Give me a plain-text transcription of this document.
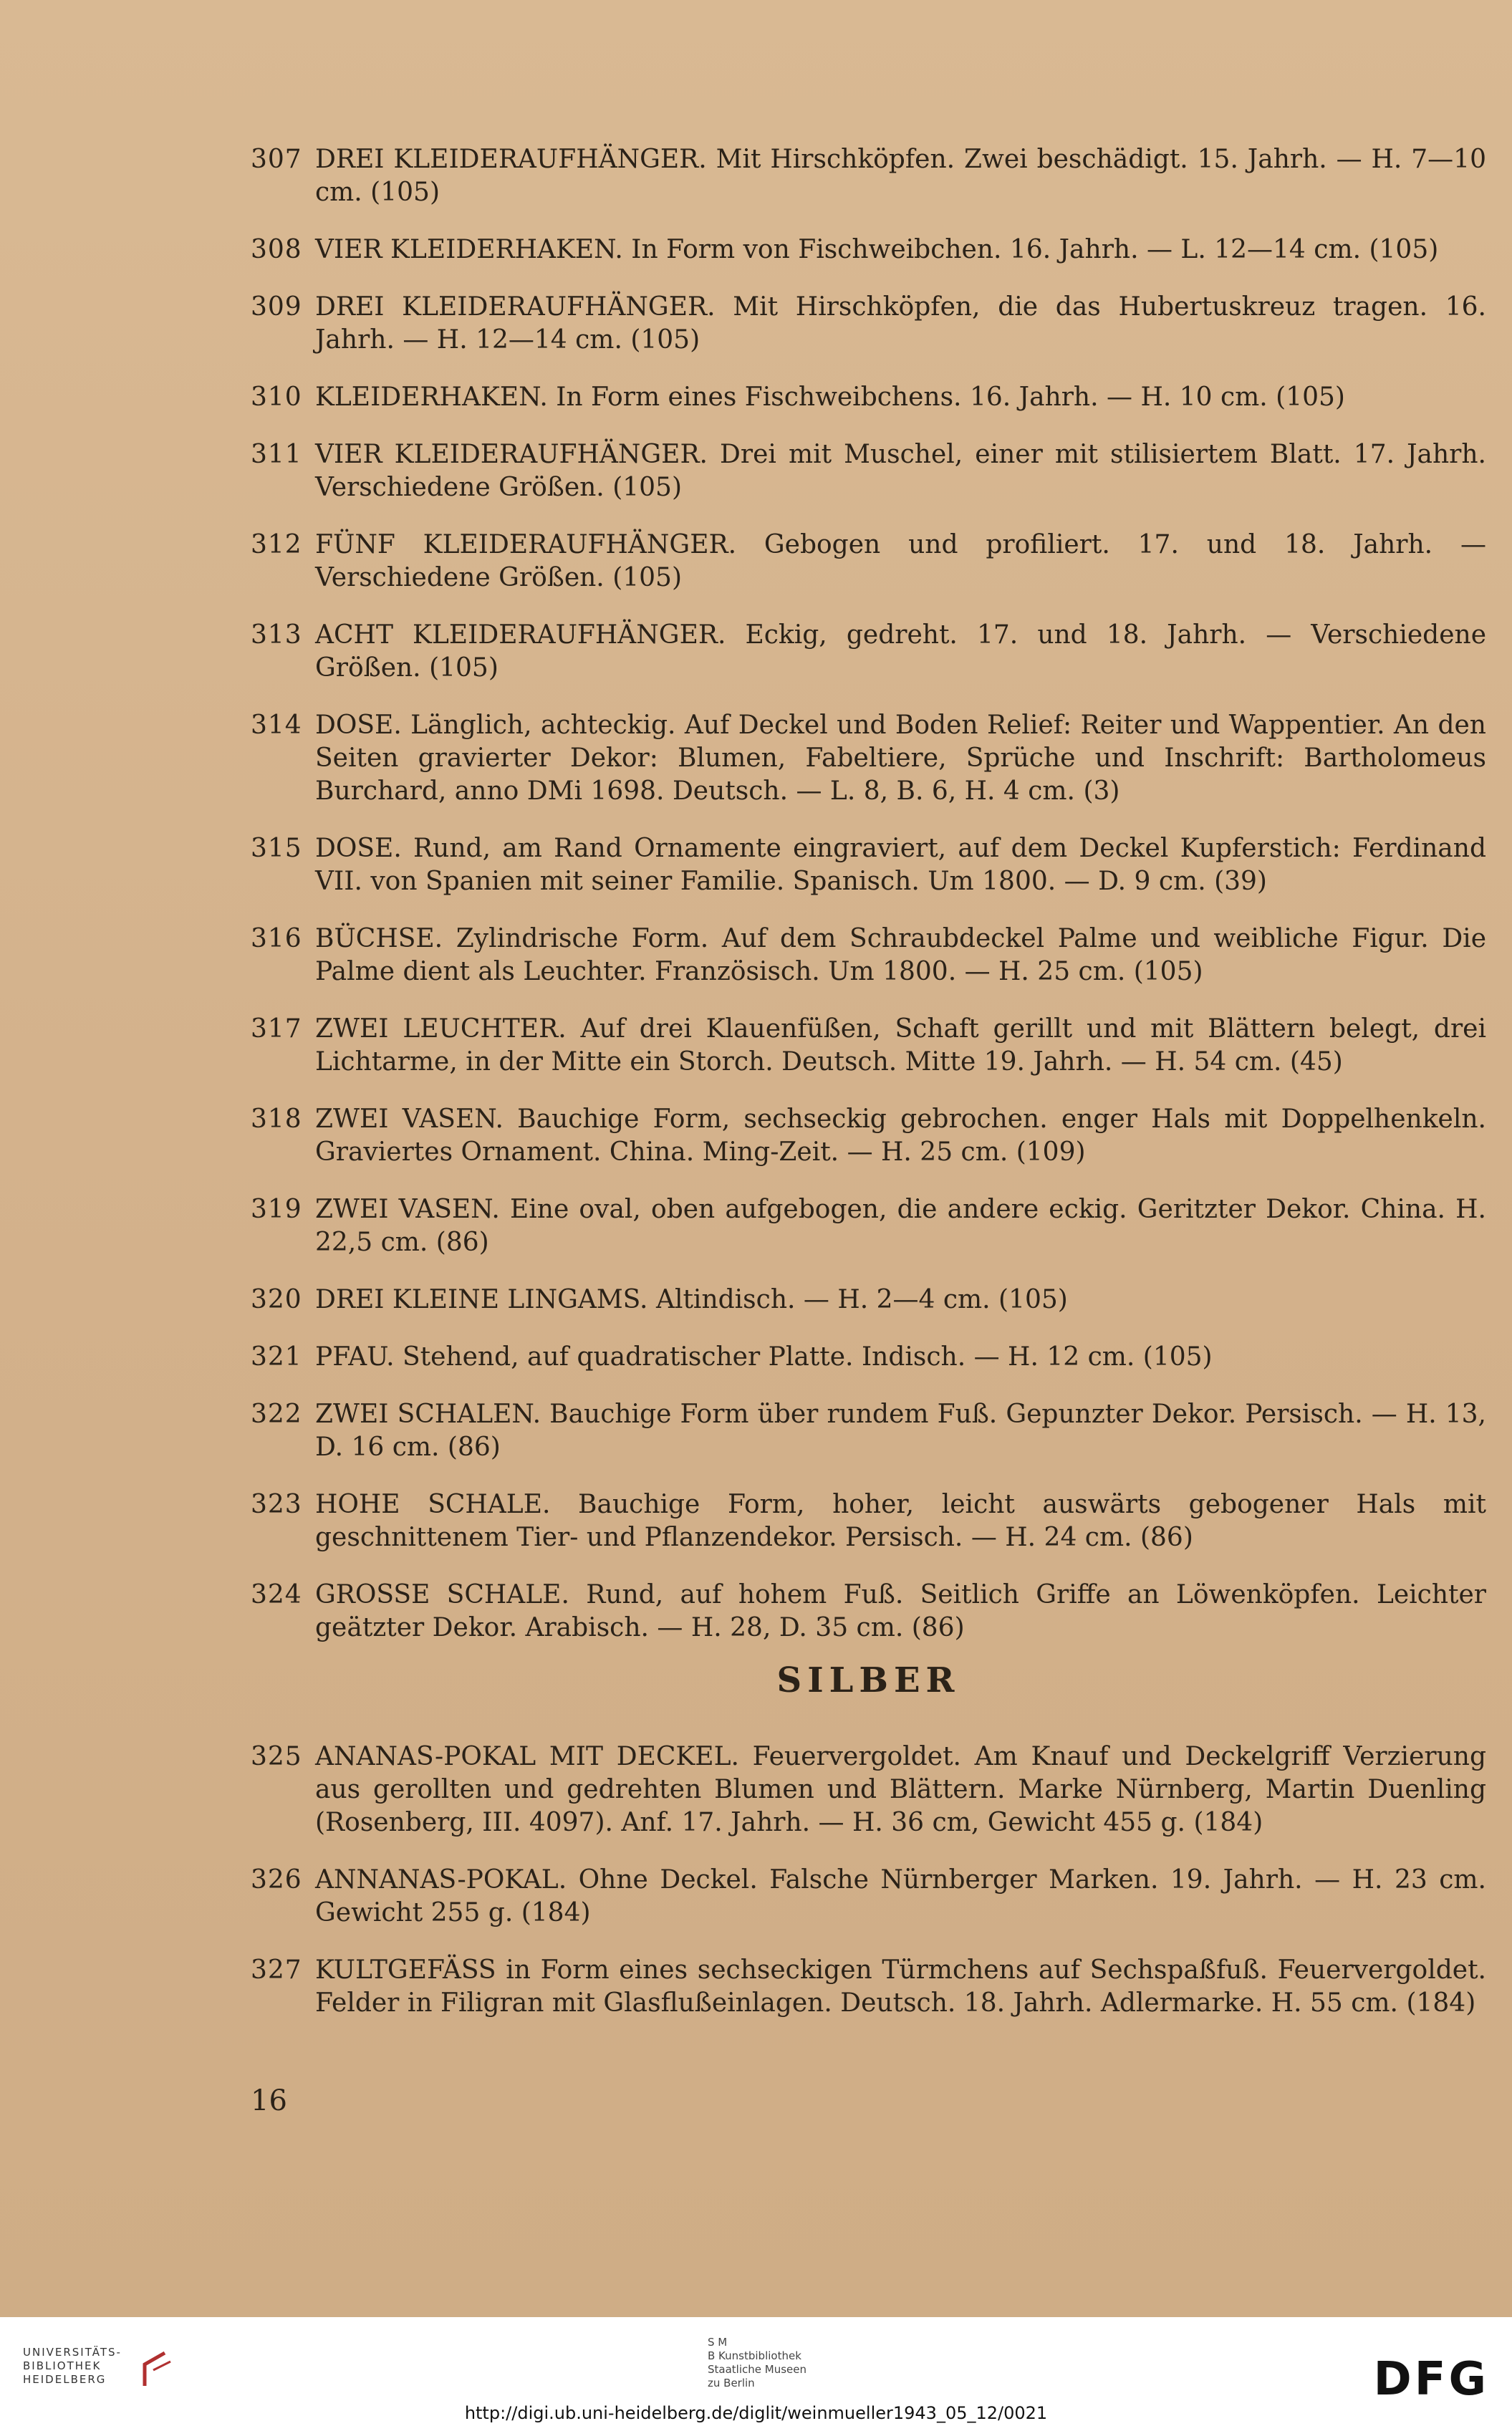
307 DREI KLEIDERAUFHÄNGER. Mit Hirschköpfen. Zwei beschädigt. 15. Jahrh. — H. 7—10 cm. (105)
308 VIER KLEIDERHAKEN. In Form von Fischweibchen. 16. Jahrh. — L. 12—14 cm. (105)
309 DREI KLEIDERAUFHÄNGER. Mit Hirschköpfen, die das Hubertuskreuz tragen. 16. Jahrh. — H. 12—14 cm. (105)
310 KLEIDERHAKEN. In Form eines Fischweibchens. 16. Jahrh. — H. 10 cm. (105)
311 VIER KLEIDERAUFHÄNGER. Drei mit Muschel, einer mit stilisiertem Blatt. 17. Jahrh. Verschiedene Größen. (105)
312 FÜNF KLEIDERAUFHÄNGER. Gebogen und profiliert. 17. und 18. Jahrh. — Verschiedene Größen. (105)
313 ACHT KLEIDERAUFHÄNGER. Eckig, gedreht. 17. und 18. Jahrh. — Verschiedene Größen. (105)
314 DOSE. Länglich, achteckig. Auf Deckel und Boden Relief: Reiter und Wappentier. An den Seiten gravierter Dekor: Blumen, Fabeltiere, Sprüche und Inschrift: Bartholomeus Burchard, anno DMi 1698. Deutsch. — L. 8, B. 6, H. 4 cm. (3)
315 DOSE. Rund, am Rand Ornamente eingraviert, auf dem Deckel Kupferstich: Ferdinand VII. von Spanien mit seiner Familie. Spanisch. Um 1800. — D. 9 cm. (39)
316 BÜCHSE. Zylindrische Form. Auf dem Schraubdeckel Palme und weibliche Figur. Die Palme dient als Leuchter. Französisch. Um 1800. — H. 25 cm. (105)
317 ZWEI LEUCHTER. Auf drei Klauenfüßen, Schaft gerillt und mit Blättern belegt, drei Lichtarme, in der Mitte ein Storch. Deutsch. Mitte 19. Jahrh. — H. 54 cm. (45)
318 ZWEI VASEN. Bauchige Form, sechseckig gebrochen. enger Hals mit Doppelhenkeln. Graviertes Ornament. China. Ming-Zeit. — H. 25 cm. (109)
319 ZWEI VASEN. Eine oval, oben aufgebogen, die andere eckig. Geritzter Dekor. China. H. 22,5 cm. (86)
320 DREI KLEINE LINGAMS. Altindisch. — H. 2—4 cm. (105)
321 PFAU. Stehend, auf quadratischer Platte. Indisch. — H. 12 cm. (105)
322 ZWEI SCHALEN. Bauchige Form über rundem Fuß. Gepunzter Dekor. Persisch. — H. 13, D. 16 cm. (86)
323 HOHE SCHALE. Bauchige Form, hoher, leicht auswärts gebogener Hals mit geschnittenem Tier- und Pflanzendekor. Persisch. — H. 24 cm. (86)
324 GROSSE SCHALE. Rund, auf hohem Fuß. Seitlich Griffe an Löwenköpfen. Leichter geätzter Dekor. Arabisch. — H. 28, D. 35 cm. (86)
SILBER
325 ANANAS-POKAL MIT DECKEL. Feuervergoldet. Am Knauf und Deckelgriff Verzierung aus gerollten und gedrehten Blumen und Blättern. Marke Nürnberg, Martin Duenling (Rosenberg, III. 4097). Anf. 17. Jahrh. — H. 36 cm, Gewicht 455 g. (184)
326 ANNANAS-POKAL. Ohne Deckel. Falsche Nürnberger Marken. 19. Jahrh. — H. 23 cm. Gewicht 255 g. (184)
327 KULTGEFÄSS in Form eines sechseckigen Türmchens auf Sechspaßfuß. Feuervergoldet. Felder in Filigran mit Glasflußeinlagen. Deutsch. 18. Jahrh. Adlermarke. H. 55 cm. (184)
16
UNIVERSITÄTS-
BIBLIOTHEK
HEIDELBERG
S M
B Kunstbibliothek
Staatliche Museen
zu Berlin	DFG
http://digi.ub.uni-heidelberg.de/diglit/weinmueller1943_05_12/0021
